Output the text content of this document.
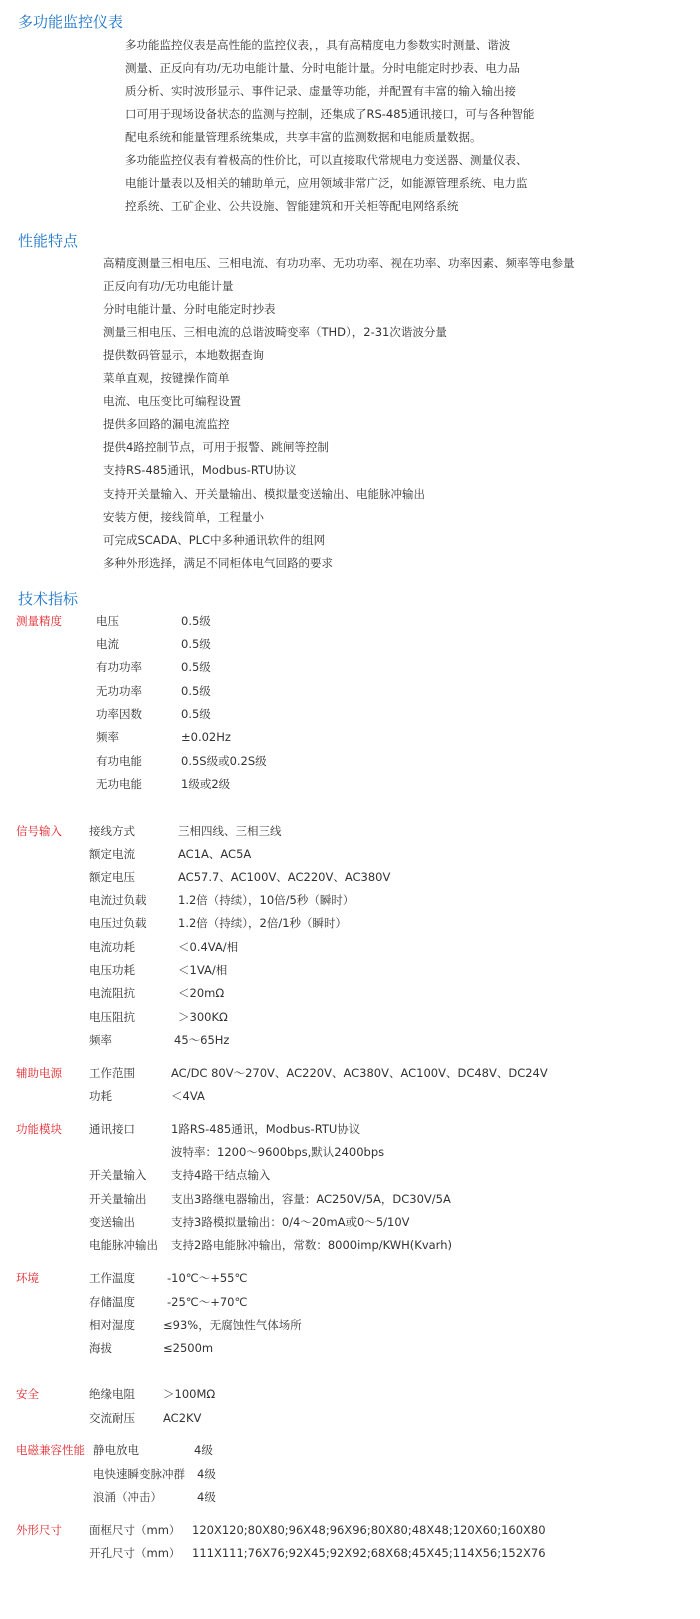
多功能监控仪表

多功能监控仪表是高性能的监控仪表，，具有高精度电力参数实时测量、谐波

测量、正反向有功/无功电能计量、分时电能计量。分时电能定时抄表、电力品

质分析、实时波形显示、事件记录、虚量等功能，并配置有丰富的输入输出接

口可用于现场设备状态的监测与控制，还集成了RS-485通讯接口，可与各种智能

配电系统和能量管理系统集成，共享丰富的监测数据和电能质量数据。

多功能监控仪表有着极高的性价比，可以直接取代常规电力变送器、测量仪表、

电能计量表以及相关的辅助单元，应用领域非常广泛，如能源管理系统、电力监

控系统、工矿企业、公共设施、智能建筑和开关柜等配电网络系统

性能特点

高精度测量三相电压、三相电流、有功功率、无功功率、视在功率、功率因素、频率等电参量

正反向有功/无功电能计量

分时电能计量、分时电能定时抄表

测量三相电压、三相电流的总谐波畸变率（THD），2-31次谐波分量

提供数码管显示，本地数据查询

菜单直观，按键操作简单

电流、电压变比可编程设置

提供多回路的漏电流监控

提供4路控制节点，可用于报警、跳闸等控制

支持RS-485通讯，Modbus-RTU协议

支持开关量输入、开关量输出、模拟量变送输出、电能脉冲输出

安装方便，接线简单，工程量小

可完成SCADA、PLC中多种通讯软件的组网

多种外形选择，满足不同柜体电气回路的要求

技术指标
测量精度	电压	0.5级
电流	0.5级
有功功率	0.5级
无功功率	0.5级
功率因数	0.5级
频率	±0.02Hz
有功电能	0.5S级或0.2S级
无功电能	1级或2级
信号输入 接线方式	三相四线、三相三线
额定电流	AC1A、AC5A
额定电压	AC57.7、AC100V、AC220V、AC380V
电流过负载	1.2倍（持续），10倍/5秒（瞬时）
电压过负载	1.2倍（持续），2倍/1秒（瞬时）
电流功耗	＜0.4VA/相
电压功耗	＜1VA/相
电流阻抗	＜20mΩ
电压阻抗	＞300KΩ
频率	45～65Hz
辅助电源 工作范围	AC/DC 80V～270V、AC220V、AC380V、AC100V、DC48V、DC24V
功耗	＜4VA
功能模块 通讯接口	1路RS-485通讯，Modbus-RTU协议
波特率：1200～9600bps,默认2400bps
开关量输入 支持4路干结点输入
开关量输出 支出3路继电器输出，容量：AC250V/5A，DC30V/5A
变送输出	支持3路模拟量输出：0/4～20mA或0～5/10V
电能脉冲输出 支持2路电能脉冲输出，常数：8000imp/KWH(Kvarh)
环境	工作温度	-10℃～+55℃
存储温度	-25℃～+70℃
相对湿度 ≤93%，无腐蚀性气体场所
海拔	≤2500m
安全	绝缘电阻 ＞100MΩ
交流耐压 AC2KV
电磁兼容性能 静电放电	4级
电快速瞬变脉冲群 4级
浪涌（冲击）	4级
外形尺寸 面框尺寸（mm） 120X120;80X80;96X48;96X96;80X80;48X48;120X60;160X80
开孔尺寸（mm） 111X111;76X76;92X45;92X92;68X68;45X45;114X56;152X76
